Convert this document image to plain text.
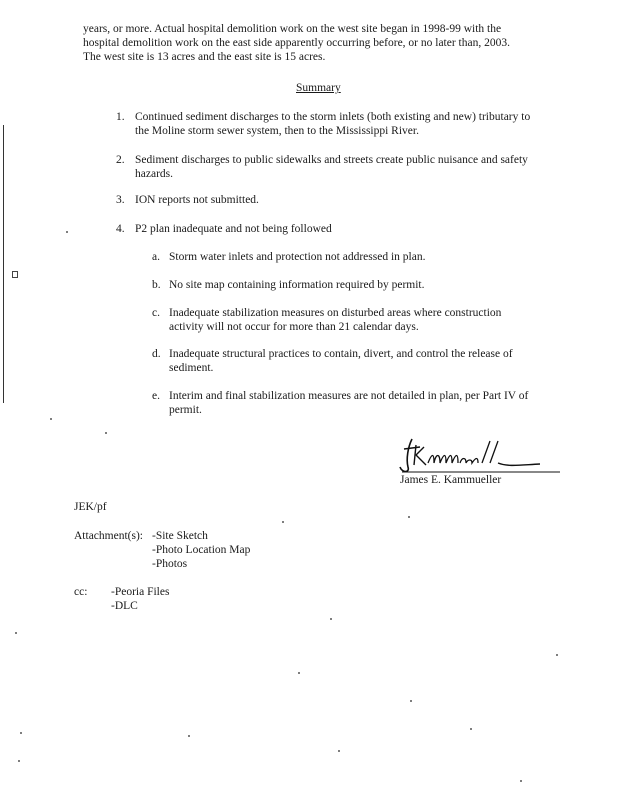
years, or more. Actual hospital demolition work on the west site began in 1998-99 with the
hospital demolition work on the east side apparently occurring before, or no later than, 2003.
The west site is 13 acres and the east site is 15 acres.
Summary
1. Continued sediment discharges to the storm inlets (both existing and new) tributary to
the Moline storm sewer system, then to the Mississippi River.
2. Sediment discharges to public sidewalks and streets create public nuisance and safety
hazards.
3. ION reports not submitted.
4. P2 plan inadequate and not being followed
a. Storm water inlets and protection not addressed in plan.
b. No site map containing information required by permit.
c. Inadequate stabilization measures on disturbed areas where construction
activity will not occur for more than 21 calendar days.
d. Inadequate structural practices to contain, divert, and control the release of
sediment.
e. Interim and final stabilization measures are not detailed in plan, per Part IV of
permit.
James E. Kammueller
JEK/pf
Attachment(s): -Site Sketch
-Photo Location Map
-Photos
cc: -Peoria Files
-DLC
